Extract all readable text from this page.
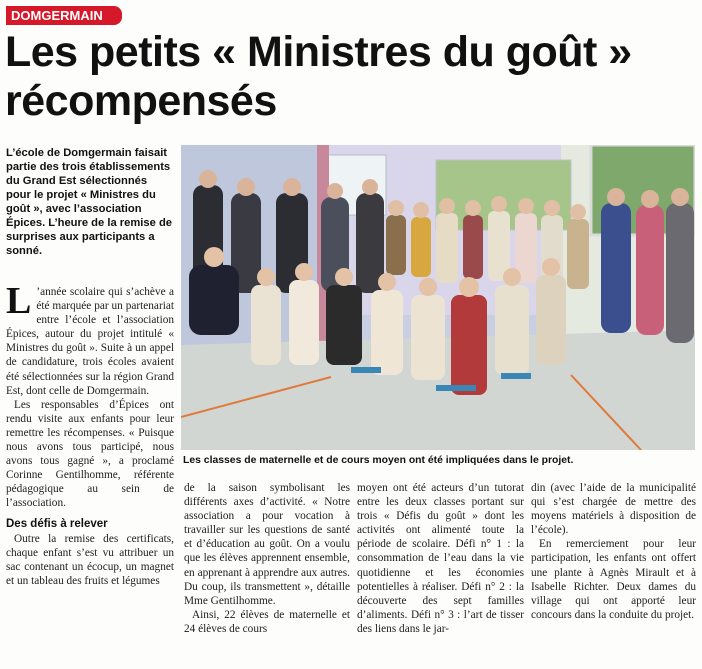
DOMGERMAIN
Les petits « Ministres du goût »
récompensés
L’école de Domgermain faisait partie des trois établissements du Grand Est sélectionnés pour le projet « Ministres du goût », avec l’association Épices. L’heure de la remise de surprises aux participants a sonné.

L ’année scolaire qui s’achève a été marquée par un partenariat entre l’école et l’association Épices, autour du projet intitulé « Ministres du goût ». Suite à un appel de candidature, trois écoles avaient été sélectionnées sur la région Grand Est, dont celle de Domgermain.

Les responsables d’Épices ont rendu visite aux enfants pour leur remettre les récompenses. « Puisque nous avons tous participé, nous avons tous gagné », a proclamé Corinne Gentilhomme, référente pédagogique au sein de l’association.

Des défis à relever

Outre la remise des certificats, chaque enfant s’est vu attribuer un sac contenant un écocup, un magnet et un tableau des fruits et légumes

Les classes de maternelle et de cours moyen ont été impliquées dans le projet.

de la saison symbolisant les différents axes d’activité. « Notre association a pour vocation à travailler sur les questions de santé et d’éducation au goût. On a voulu que les élèves apprennent ensemble, en apprenant à apprendre aux autres. Du coup, ils transmettent », détaille Mme Gentilhomme.

Ainsi, 22 élèves de maternelle et 24 élèves de cours

moyen ont été acteurs d’un tutorat entre les deux classes portant sur trois « Défis du goût » dont les activités ont alimenté toute la période de scolaire. Défi n° 1 : la consommation de l’eau dans la vie quotidienne et les économies potentielles à réaliser. Défi n° 2 : la découverte des sept familles d’aliments. Défi n° 3 : l’art de tisser des liens dans le jar-

din (avec l’aide de la municipalité qui s’est chargée de mettre des moyens matériels à disposition de l’école).

En remerciement pour leur participation, les enfants ont offert une plante à Agnès Mirault et à Isabelle Richter. Deux dames du village qui ont apporté leur concours dans la conduite du projet.
